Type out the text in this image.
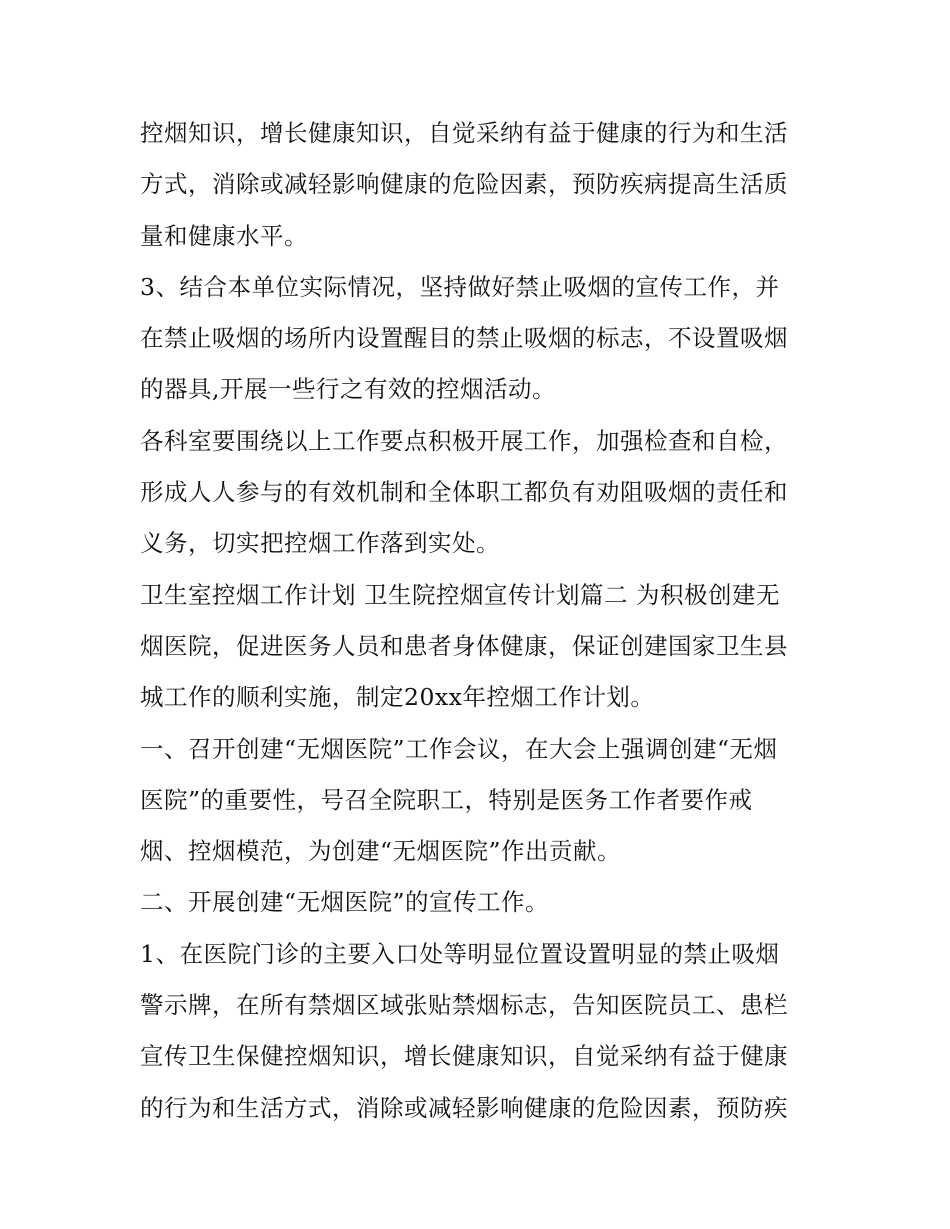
控烟知识，增长健康知识，自觉采纳有益于健康的行为和生活
方式，消除或减轻影响健康的危险因素，预防疾病提高生活质
量和健康水平。
3、结合本单位实际情况，坚持做好禁止吸烟的宣传工作，并
在禁止吸烟的场所内设置醒目的禁止吸烟的标志，不设置吸烟
的器具,开展一些行之有效的控烟活动。
各科室要围绕以上工作要点积极开展工作，加强检查和自检，
形成人人参与的有效机制和全体职工都负有劝阻吸烟的责任和
义务，切实把控烟工作落到实处。
卫生室控烟工作计划 卫生院控烟宣传计划篇二 为积极创建无
烟医院，促进医务人员和患者身体健康，保证创建国家卫生县
城工作的顺利实施，制定20xx年控烟工作计划。
一、召开创建“无烟医院”工作会议，在大会上强调创建“无烟
医院”的重要性，号召全院职工，特别是医务工作者要作戒
烟、控烟模范，为创建“无烟医院”作出贡献。
二、开展创建“无烟医院”的宣传工作。
1、在医院门诊的主要入口处等明显位置设置明显的禁止吸烟
警示牌，在所有禁烟区域张贴禁烟标志，告知医院员工、患栏
宣传卫生保健控烟知识，增长健康知识，自觉采纳有益于健康
的行为和生活方式，消除或减轻影响健康的危险因素，预防疾
